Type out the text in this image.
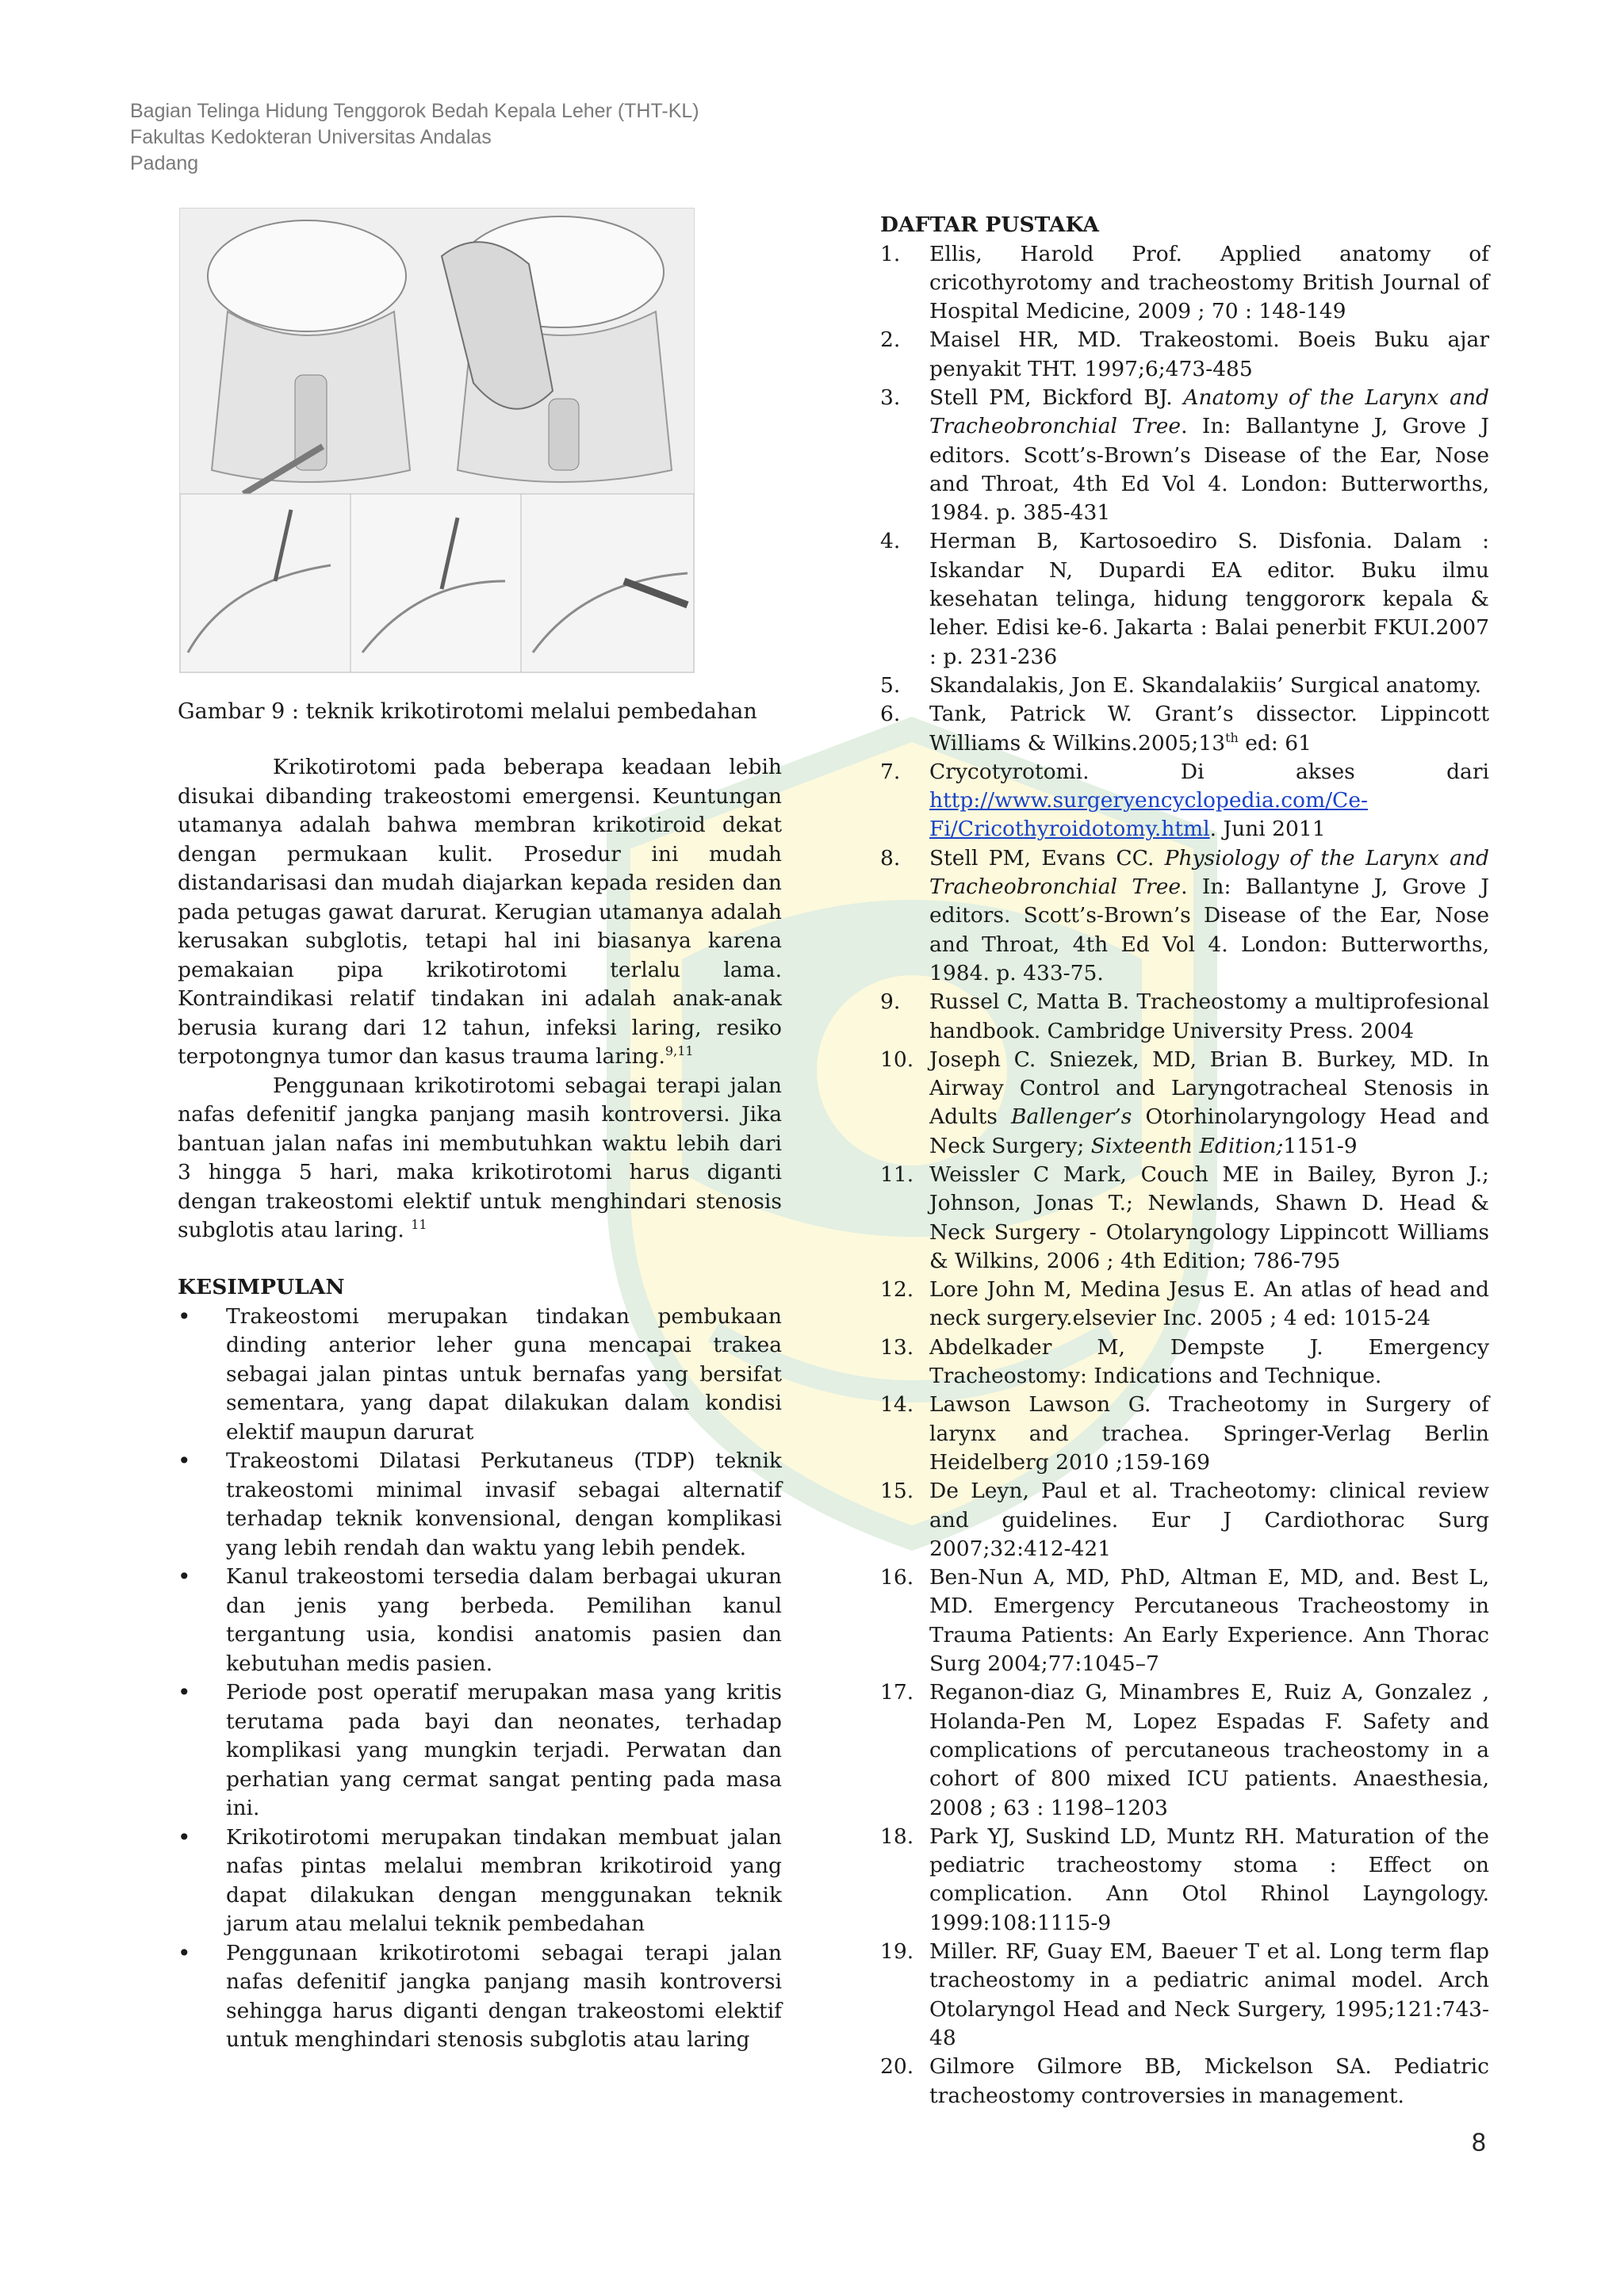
Bagian Telinga Hidung Tenggorok Bedah Kepala Leher (THT-KL)
Fakultas Kedokteran Universitas Andalas
Padang
Gambar 9 : teknik krikotirotomi melalui pembedahan

Krikotirotomi pada beberapa keadaan lebih disukai dibanding trakeostomi emergensi. Keuntungan utamanya adalah bahwa membran krikotiroid dekat dengan permukaan kulit. Prosedur ini mudah distandarisasi dan mudah diajarkan kepada residen dan pada petugas gawat darurat. Kerugian utamanya adalah kerusakan subglotis, tetapi hal ini biasanya karena pemakaian pipa krikotirotomi terlalu lama. Kontraindikasi relatif tindakan ini adalah anak-anak berusia kurang dari 12 tahun, infeksi laring, resiko terpotongnya tumor dan kasus trauma laring.$^{9,11}$

Penggunaan krikotirotomi sebagai terapi jalan nafas defenitif jangka panjang masih kontroversi. Jika bantuan jalan nafas ini membutuhkan waktu lebih dari 3 hingga 5 hari, maka krikotirotomi harus diganti dengan trakeostomi elektif untuk menghindari stenosis subglotis atau laring. $^{11}$

KESIMPULAN

• Trakeostomi merupakan tindakan pembukaan dinding anterior leher guna mencapai trakea sebagai jalan pintas untuk bernafas yang bersifat sementara, yang dapat dilakukan dalam kondisi elektif maupun darurat
• Trakeostomi Dilatasi Perkutaneus (TDP) teknik trakeostomi minimal invasif sebagai alternatif terhadap teknik konvensional, dengan komplikasi yang lebih rendah dan waktu yang lebih pendek.
• Kanul trakeostomi tersedia dalam berbagai ukuran dan jenis yang berbeda. Pemilihan kanul tergantung usia, kondisi anatomis pasien dan kebutuhan medis pasien.
• Periode post operatif merupakan masa yang kritis terutama pada bayi dan neonates, terhadap komplikasi yang mungkin terjadi. Perwatan dan perhatian yang cermat sangat penting pada masa ini.
• Krikotirotomi merupakan tindakan membuat jalan nafas pintas melalui membran krikotiroid yang dapat dilakukan dengan menggunakan teknik jarum atau melalui teknik pembedahan
• Penggunaan krikotirotomi sebagai terapi jalan nafas defenitif jangka panjang masih kontroversi sehingga harus diganti dengan trakeostomi elektif untuk menghindari stenosis subglotis atau laring

DAFTAR PUSTAKA

1. Ellis, Harold Prof. Applied anatomy of cricothyrotomy and tracheostomy British Journal of Hospital Medicine, 2009 ; 70 : 148-149
2. Maisel HR, MD. Trakeostomi. Boeis Buku ajar penyakit THT. 1997;6;473-485
3. Stell PM, Bickford BJ. Anatomy of the Larynx and Tracheobronchial Tree. In: Ballantyne J, Grove J editors. Scott’s-Brown’s Disease of the Ear, Nose and Throat, 4th Ed Vol 4. London: Butterworths, 1984. p. 385-431
4. Herman B, Kartosoediro S. Disfonia. Dalam : Iskandar N, Dupardi EA editor. Buku ilmu kesehatan telinga, hidung tenggororк kepala & leher. Edisi ke-6. Jakarta : Balai penerbit FKUI.2007 : p. 231-236
5. Skandalakis, Jon E. Skandalakiis’ Surgical anatomy.
6. Tank, Patrick W. Grant’s dissector. Lippincott Williams & Wilkins.2005;13th ed: 61
7. Crycotyrotomi. Di akses dari http://www.surgeryencyclopedia.com/Ce-Fi/Cricothyroidotomy.html. Juni 2011
8. Stell PM, Evans CC. Physiology of the Larynx and Tracheobronchial Tree. In: Ballantyne J, Grove J editors. Scott’s-Brown’s Disease of the Ear, Nose and Throat, 4th Ed Vol 4. London: Butterworths, 1984. p. 433-75.
9. Russel C, Matta B. Tracheostomy a multiprofesional handbook. Cambridge University Press. 2004
10. Joseph C. Sniezek, MD, Brian B. Burkey, MD. In Airway Control and Laryngotracheal Stenosis in Adults Ballenger’s Otorhinolaryngology Head and Neck Surgery; Sixteenth Edition;1151-9
11. Weissler C Mark, Couch ME in Bailey, Byron J.; Johnson, Jonas T.; Newlands, Shawn D. Head & Neck Surgery - Otolaryngology Lippincott Williams & Wilkins, 2006 ; 4th Edition; 786-795
12. Lore John M, Medina Jesus E. An atlas of head and neck surgery.elsevier Inc. 2005 ; 4 ed: 1015-24
13. Abdelkader M, Dempste J. Emergency Tracheostomy: Indications and Technique.
14. Lawson Lawson G. Tracheotomy in Surgery of larynx and trachea. Springer-Verlag Berlin Heidelberg 2010 ;159-169
15. De Leyn, Paul et al. Tracheotomy: clinical review and guidelines. Eur J Cardiothorac Surg 2007;32:412-421
16. Ben-Nun A, MD, PhD, Altman E, MD, and. Best L, MD. Emergency Percutaneous Tracheostomy in Trauma Patients: An Early Experience. Ann Thorac Surg 2004;77:1045–7
17. Reganon-diaz G, Minambres E, Ruiz A, Gonzalez , Holanda-Pen M, Lopez Espadas F. Safety and complications of percutaneous tracheostomy in a cohort of 800 mixed ICU patients. Anaesthesia, 2008 ; 63 : 1198–1203
18. Park YJ, Suskind LD, Muntz RH. Maturation of the pediatric tracheostomy stoma : Effect on complication. Ann Otol Rhinol Layngology. 1999:108:1115-9
19. Miller. RF, Guay EM, Baeuer T et al. Long term flap tracheostomy in a pediatric animal model. Arch Otolaryngol Head and Neck Surgery, 1995;121:743-48
20. Gilmore Gilmore BB, Mickelson SA. Pediatric tracheostomy controversies in management.
8
